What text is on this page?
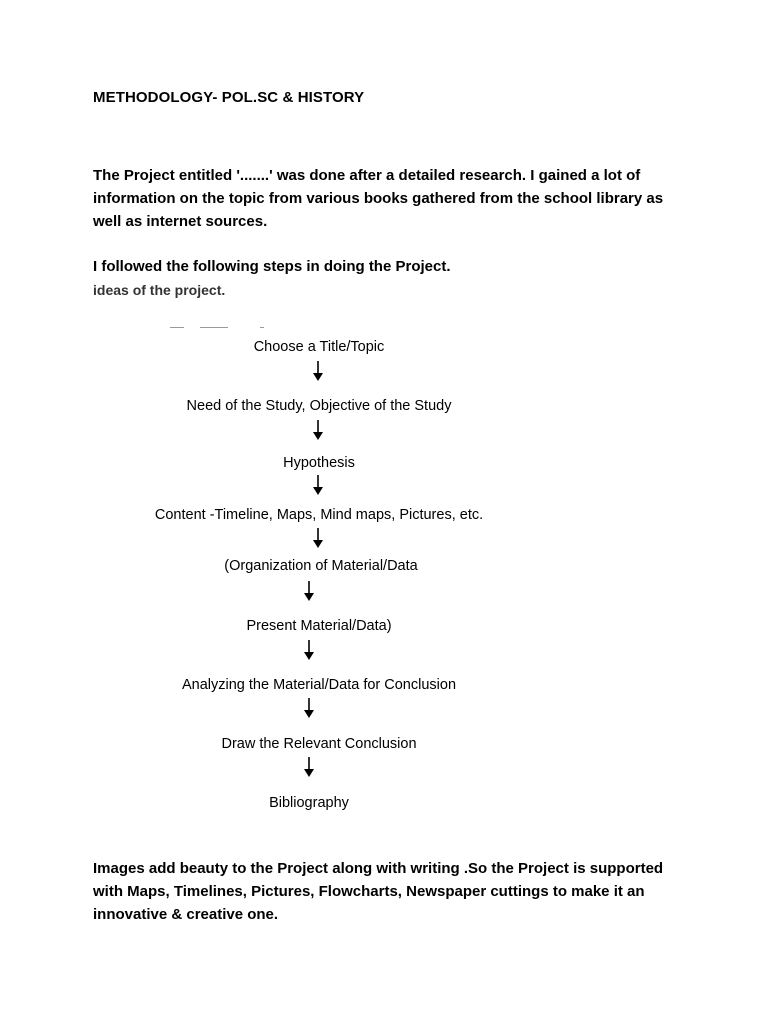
METHODOLOGY- POL.SC & HISTORY
The Project entitled '.......' was done after a detailed research. I gained a lot of information on the topic from various books gathered from the school library as well as internet sources.
I followed the following steps in doing the Project.
ideas of the project.
Choose a Title/Topic
Need of the Study, Objective of the Study
Hypothesis
Content -Timeline, Maps, Mind maps, Pictures, etc.
(Organization of Material/Data
Present Material/Data)
Analyzing the Material/Data for Conclusion
Draw the Relevant Conclusion
Bibliography
Images add beauty to the Project along with writing .So the Project is supported with Maps, Timelines, Pictures, Flowcharts, Newspaper cuttings to make it an innovative & creative one.
